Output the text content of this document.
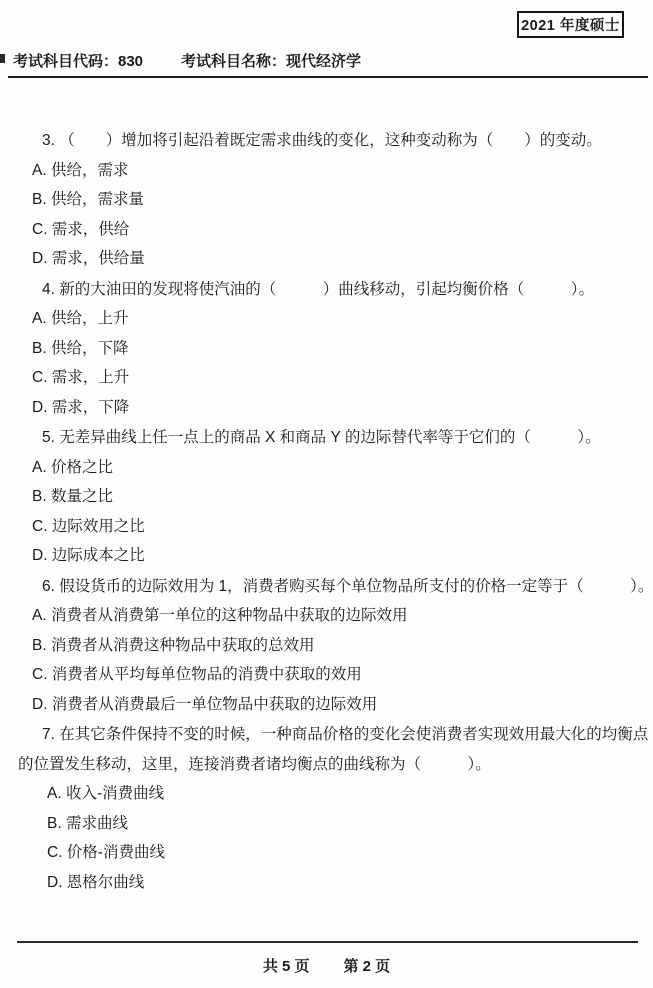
2021 年度硕士
考试科目代码：830	考试科目名称：现代经济学
3. （　　）增加将引起沿着既定需求曲线的变化，这种变动称为（　　）的变动。
A. 供给，需求
B. 供给，需求量
C. 需求，供给
D. 需求，供给量
4. 新的大油田的发现将使汽油的（　　　）曲线移动，引起均衡价格（　　　）。
A. 供给，上升
B. 供给，下降
C. 需求，上升
D. 需求，下降
5. 无差异曲线上任一点上的商品 X 和商品 Y 的边际替代率等于它们的（　　　）。
A. 价格之比
B. 数量之比
C. 边际效用之比
D. 边际成本之比
6. 假设货币的边际效用为 1，消费者购买每个单位物品所支付的价格一定等于（　　　）。
A. 消费者从消费第一单位的这种物品中获取的边际效用
B. 消费者从消费这种物品中获取的总效用
C. 消费者从平均每单位物品的消费中获取的效用
D. 消费者从消费最后一单位物品中获取的边际效用
7. 在其它条件保持不变的时候，一种商品价格的变化会使消费者实现效用最大化的均衡点
的位置发生移动，这里，连接消费者诸均衡点的曲线称为（　　　）。
A. 收入-消费曲线
B. 需求曲线
C. 价格-消费曲线
D. 恩格尔曲线
共 5 页 第 2 页
